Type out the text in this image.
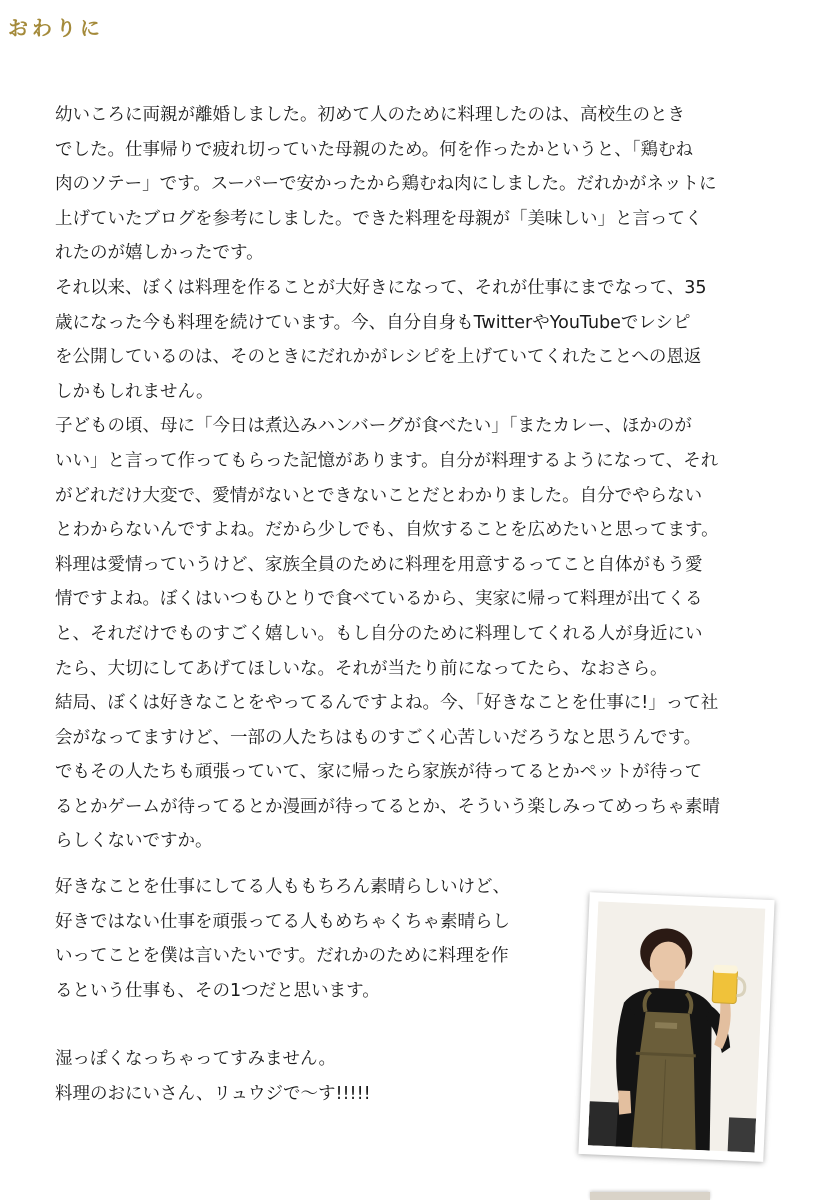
おわりに

幼いころに両親が離婚しました。初めて人のために料理したのは、高校生のとき
でした。仕事帰りで疲れ切っていた母親のため。何を作ったかというと、「鶏むね
肉のソテー」です。スーパーで安かったから鶏むね肉にしました。だれかがネットに
上げていたブログを参考にしました。できた料理を母親が「美味しい」と言ってく
れたのが嬉しかったです。

それ以来、ぼくは料理を作ることが大好きになって、それが仕事にまでなって、35
歳になった今も料理を続けています。今、自分自身もTwitterやYouTubeでレシピ
を公開しているのは、そのときにだれかがレシピを上げていてくれたことへの恩返
しかもしれません。

子どもの頃、母に「今日は煮込みハンバーグが食べたい」「またカレー、ほかのが
いい」と言って作ってもらった記憶があります。自分が料理するようになって、それ
がどれだけ大変で、愛情がないとできないことだとわかりました。自分でやらない
とわからないんですよね。だから少しでも、自炊することを広めたいと思ってます。

料理は愛情っていうけど、家族全員のために料理を用意するってこと自体がもう愛
情ですよね。ぼくはいつもひとりで食べているから、実家に帰って料理が出てくる
と、それだけでものすごく嬉しい。もし自分のために料理してくれる人が身近にい
たら、大切にしてあげてほしいな。それが当たり前になってたら、なおさら。

結局、ぼくは好きなことをやってるんですよね。今、「好きなことを仕事に!」って社
会がなってますけど、一部の人たちはものすごく心苦しいだろうなと思うんです。
でもその人たちも頑張っていて、家に帰ったら家族が待ってるとかペットが待って
るとかゲームが待ってるとか漫画が待ってるとか、そういう楽しみってめっちゃ素晴
らしくないですか。

好きなことを仕事にしてる人ももちろん素晴らしいけど、
好きではない仕事を頑張ってる人もめちゃくちゃ素晴らし
いってことを僕は言いたいです。だれかのために料理を作
るという仕事も、その1つだと思います。

湿っぽくなっちゃってすみません。

料理のおにいさん、リュウジで〜す!!!!!
